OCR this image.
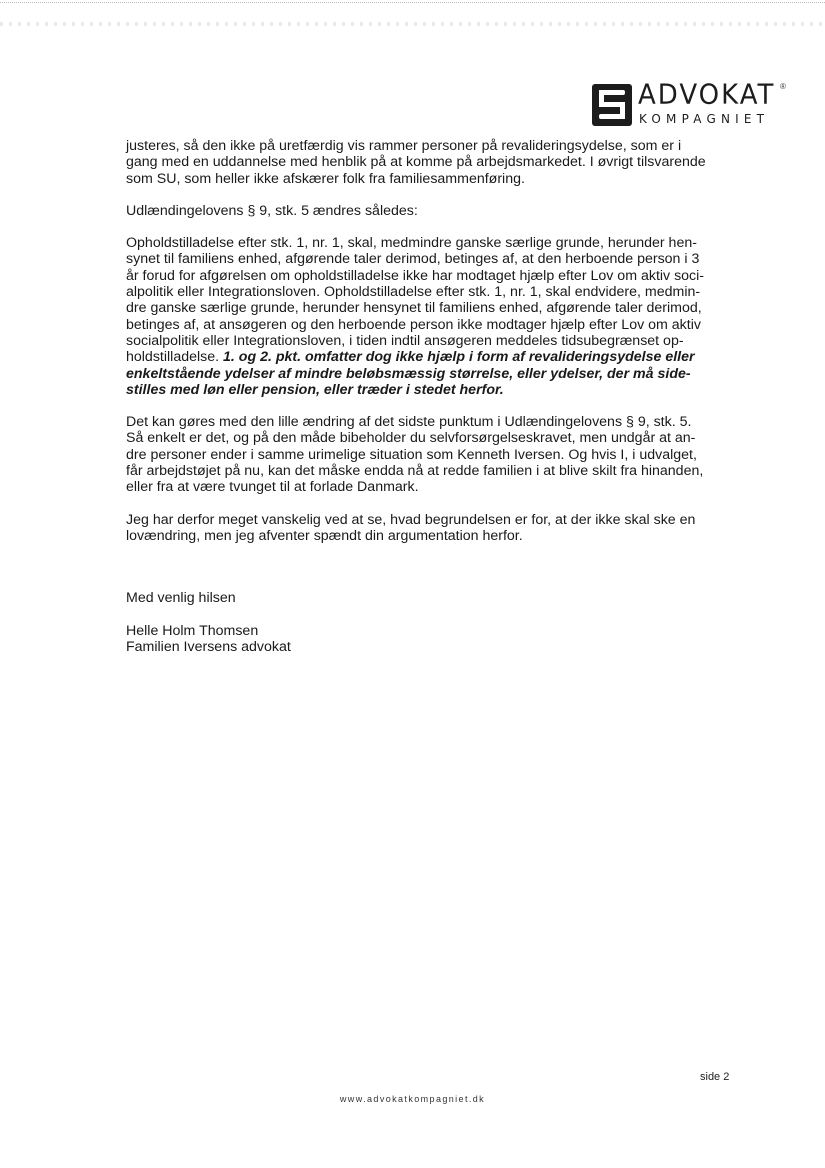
ADVOKAT ®
KOMPAGNIET

justeres, så den ikke på uretfærdig vis rammer personer på revalideringsydelse, som er i
gang med en uddannelse med henblik på at komme på arbejdsmarkedet. I øvrigt tilsvarende
som SU, som heller ikke afskærer folk fra familiesammenføring.

Udlændingelovens § 9, stk. 5 ændres således:

Opholdstilladelse efter stk. 1, nr. 1, skal, medmindre ganske særlige grunde, herunder hen-
synet til familiens enhed, afgørende taler derimod, betinges af, at den herboende person i 3
år forud for afgørelsen om opholdstilladelse ikke har modtaget hjælp efter Lov om aktiv soci-
alpolitik eller Integrationsloven. Opholdstilladelse efter stk. 1, nr. 1, skal endvidere, medmin-
dre ganske særlige grunde, herunder hensynet til familiens enhed, afgørende taler derimod,
betinges af, at ansøgeren og den herboende person ikke modtager hjælp efter Lov om aktiv
socialpolitik eller Integrationsloven, i tiden indtil ansøgeren meddeles tidsubegrænset op-
holdstilladelse. 1. og 2. pkt. omfatter dog ikke hjælp i form af revalideringsydelse eller
enkeltstående ydelser af mindre beløbsmæssig størrelse, eller ydelser, der må side-
stilles med løn eller pension, eller træder i stedet herfor.

Det kan gøres med den lille ændring af det sidste punktum i Udlændingelovens § 9, stk. 5.
Så enkelt er det, og på den måde bibeholder du selvforsørgelseskravet, men undgår at an-
dre personer ender i samme urimelige situation som Kenneth Iversen. Og hvis I, i udvalget,
får arbejdstøjet på nu, kan det måske endda nå at redde familien i at blive skilt fra hinanden,
eller fra at være tvunget til at forlade Danmark.

Jeg har derfor meget vanskelig ved at se, hvad begrundelsen er for, at der ikke skal ske en
lovændring, men jeg afventer spændt din argumentation herfor.

Med venlig hilsen

Helle Holm Thomsen
Familien Iversens advokat

side 2
www.advokatkompagniet.dk
